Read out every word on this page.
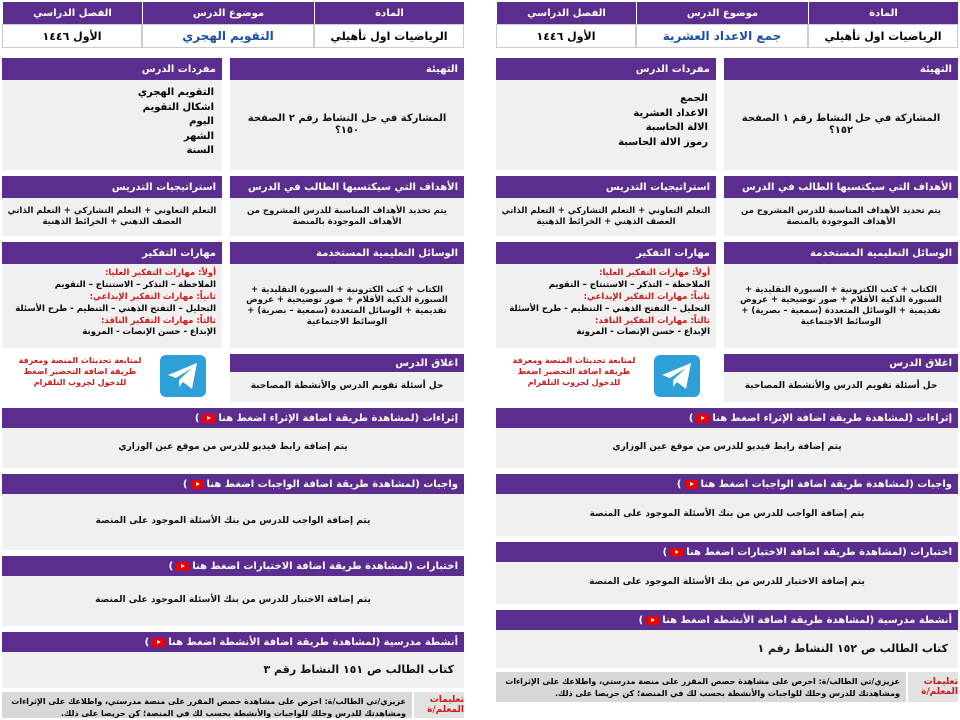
الفصل الدراسي	موضوع الدرس	المادة
الأول ١٤٤٦	التقويم الهجري	الرياضيات اول تأهيلي
مفردات الدرس
التقويم الهجري
اشكال التقويم
اليوم
الشهر
السنة
التهيئة
المشاركة في حل النشاط رقم ٢ الصفحة ١٥٠؟
استراتيجيات التدريس
التعلم التعاوني + التعلم التشاركي + التعلم الذاتي العصف الذهني + الخرائط الذهنية
الأهداف التي سيكتسبها الطالب في الدرس
يتم تحديد الأهداف المناسبة للدرس المشروح من الأهداف الموجودة بالمنصة
مهارات التفكير
أولاً: مهارات التفكير العليا:
الملاحظة – التذكر – الاستنتاج – التقويم
ثانياً: مهارات التفكير الإبداعي:
التحليل – التفتح الذهني – التنظيم - طرح الأسئلة
ثالثاً: مهارات التفكير الناقد:
الإبداع - حسن الإنصات - المرونة
الوسائل التعليمية المستخدمة
الكتاب + كتب الكترونية + السبورة التقليدية + السبورة الذكية الأقلام + صور توضيحية + عروض تقديمية + الوسائل المتعددة (سمعية – بصرية) + الوسائط الاجتماعية
لمتابعة تحديثات المنصة ومعرفة طريقة اضافة التحضير اضغط للدخول لجروب التلقرام
اغلاق الدرس
حل أسئلة تقويم الدرس والأنشطة المصاحبة
إثراءات (لمشاهدة طريقة اضافة الإثراء اضغط هنا
)
يتم إضافة رابط فيديو للدرس من موقع عين الوزاري
واجبات (لمشاهدة طريقة اضافة الواجبات اضغط هنا
)
يتم إضافة الواجب للدرس من بنك الأسئلة الموجود على المنصة
اختبارات (لمشاهدة طريقة اضافة الاختبارات اضغط هنا
)
يتم إضافة الاختبار للدرس من بنك الأسئلة الموجود على المنصة
أنشطة مدرسية

(لمشاهدة طريقة اضافة الأنشطة اضغط هنا
)
كتاب الطالب ص ١٥١ النشاط رقم ٣
تعليمات المعلم/ة
عزيزي/تي الطالب/ة: احرص على مشاهدة حصص المقرر على منصة مدرستي، واطلاعك على الإثراءات ومشاهدتك للدرس وحلك للواجبات والأنشطة بحسب لك في المنصة؛ كن حريصا على ذلك.
الفصل الدراسي	موضوع الدرس	المادة
الأول ١٤٤٦	جمع الاعداد العشرية	الرياضيات اول تأهيلي
مفردات الدرس
الجمع
الاعداد العشرية
الالة الحاسبة
رموز الالة الحاسبة
التهيئة
المشاركة في حل النشاط رقم ١ الصفحة ١٥٢؟
استراتيجيات التدريس
التعلم التعاوني + التعلم التشاركي + التعلم الذاتي العصف الذهني + الخرائط الذهنية
الأهداف التي سيكتسبها الطالب في الدرس
يتم تحديد الأهداف المناسبة للدرس المشروح من الأهداف الموجودة بالمنصة
مهارات التفكير
أولاً: مهارات التفكير العليا:
الملاحظة – التذكر – الاستنتاج – التقويم
ثانياً: مهارات التفكير الإبداعي:
التحليل – التفتح الذهني – التنظيم - طرح الأسئلة
ثالثاً: مهارات التفكير الناقد:
الإبداع - حسن الإنصات - المرونة
الوسائل التعليمية المستخدمة
الكتاب + كتب الكترونية + السبورة التقليدية + السبورة الذكية الأقلام + صور توضيحية + عروض تقديمية + الوسائل المتعددة (سمعية – بصرية) + الوسائط الاجتماعية
لمتابعة تحديثات المنصة ومعرفة طريقة اضافة التحضير اضغط للدخول لجروب التلقرام
اغلاق الدرس
حل أسئلة تقويم الدرس والأنشطة المصاحبة
إثراءات (لمشاهدة طريقة اضافة الإثراء اضغط هنا
)
يتم إضافة رابط فيديو للدرس من موقع عين الوزاري
واجبات (لمشاهدة طريقة اضافة الواجبات اضغط هنا
)
يتم إضافة الواجب للدرس من بنك الأسئلة الموجود على المنصة
اختبارات (لمشاهدة طريقة اضافة الاختبارات اضغط هنا
)
يتم إضافة الاختبار للدرس من بنك الأسئلة الموجود على المنصة
أنشطة مدرسية

(لمشاهدة طريقة اضافة الأنشطة اضغط هنا
)
كتاب الطالب ص ١٥٢ النشاط رقم ١
تعليمات المعلم/ة
عزيزي/تي الطالب/ة: احرص على مشاهدة حصص المقرر على منصة مدرستي، واطلاعك على الإثراءات ومشاهدتك للدرس وحلك للواجبات والأنشطة بحسب لك في المنصة؛ كن حريصا على ذلك.
